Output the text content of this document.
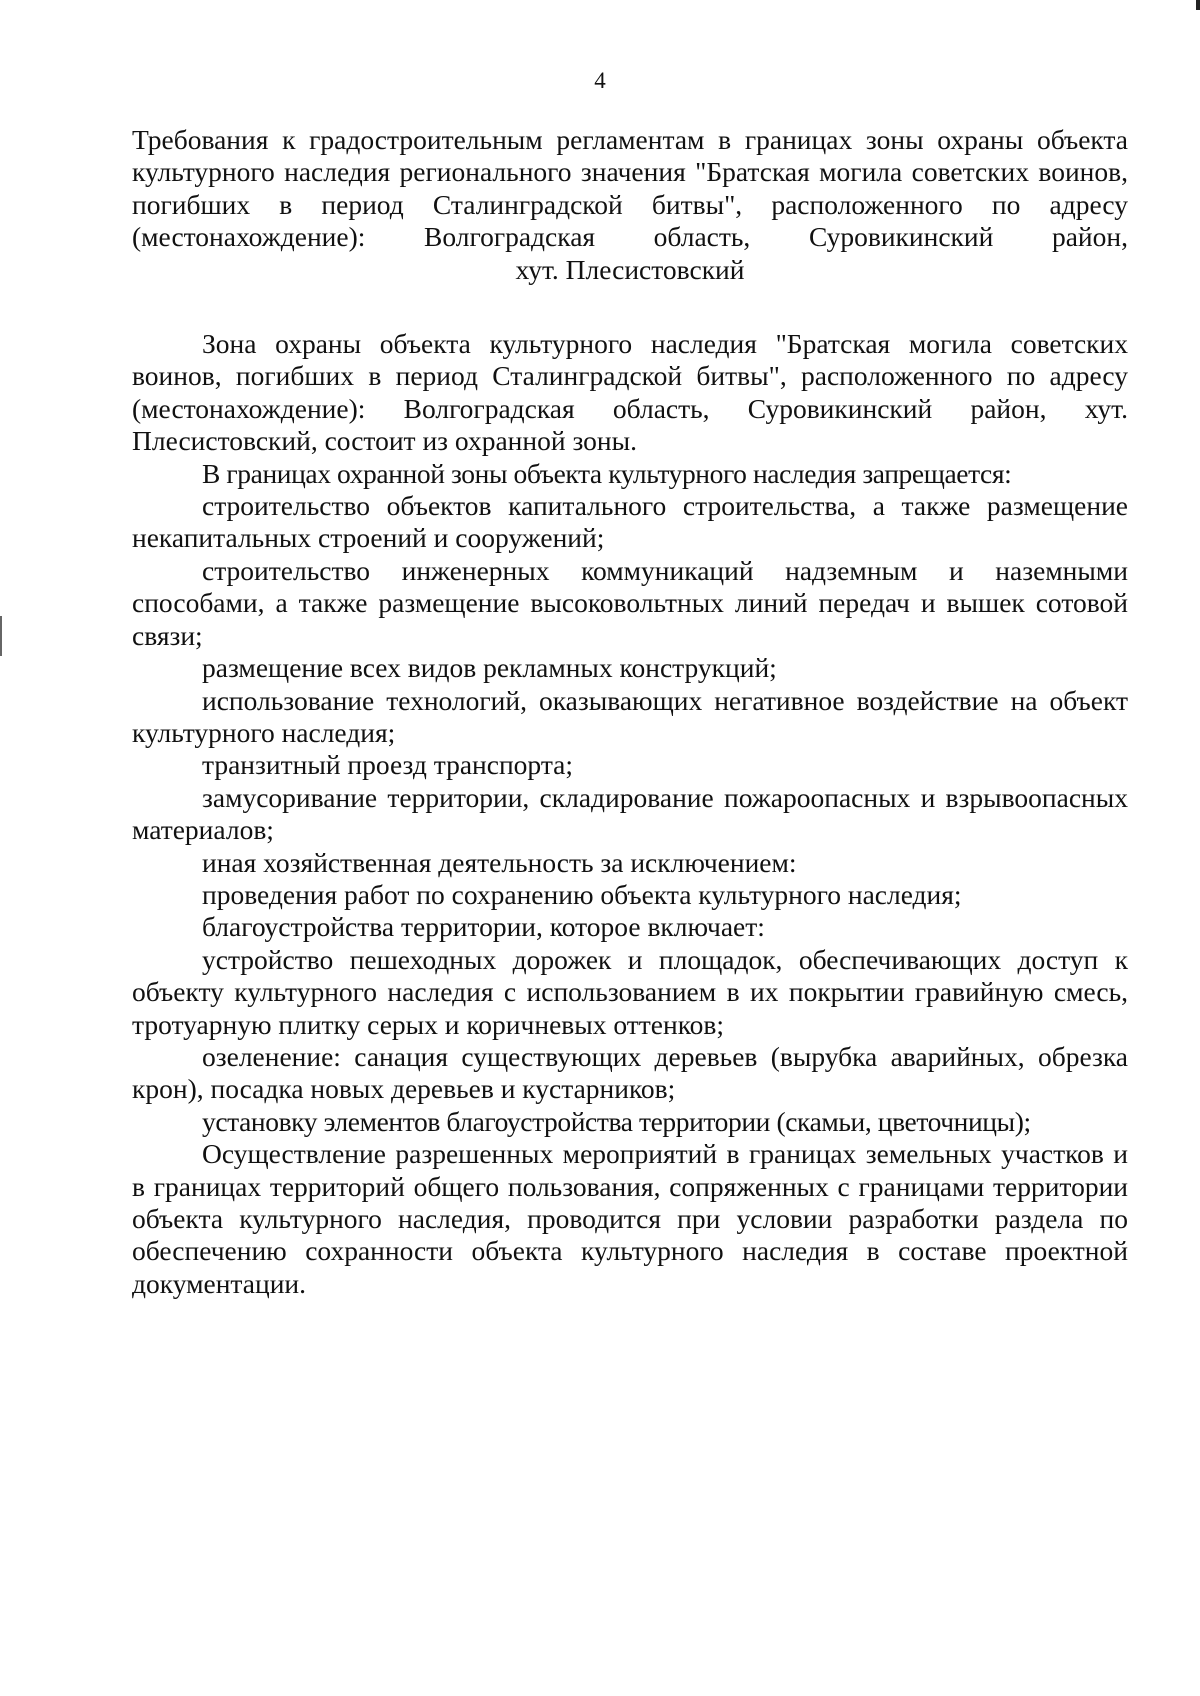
4

Требования к градостроительным регламентам в границах зоны охраны объекта

культурного наследия регионального значения "Братская могила советских воинов,

погибших в период Сталинградской битвы", расположенного по адресу

(местонахождение): Волгоградская область, Суровикинский район,

хут. Плесистовский

Зона охраны объекта культурного наследия "Братская могила советских воинов, погибших в период Сталинградской битвы", расположенного по адресу (местонахождение): Волгоградская область, Суровикинский район, хут. Плесистовский, состоит из охранной зоны.

В границах охранной зоны объекта культурного наследия запрещается:

строительство объектов капитального строительства, а также размещение некапитальных строений и сооружений;

строительство инженерных коммуникаций надземным и наземными способами, а также размещение высоковольтных линий передач и вышек сотовой связи;

размещение всех видов рекламных конструкций;

использование технологий, оказывающих негативное воздействие на объект культурного наследия;

транзитный проезд транспорта;

замусоривание территории, складирование пожароопасных и взрывоопасных материалов;

иная хозяйственная деятельность за исключением:

проведения работ по сохранению объекта культурного наследия;

благоустройства территории, которое включает:

устройство пешеходных дорожек и площадок, обеспечивающих доступ к объекту культурного наследия с использованием в их покрытии гравийную смесь, тротуарную плитку серых и коричневых оттенков;

озеленение: санация существующих деревьев (вырубка аварийных, обрезка крон), посадка новых деревьев и кустарников;

установку элементов благоустройства территории (скамьи, цветочницы);

Осуществление разрешенных мероприятий в границах земельных участков и в границах территорий общего пользования, сопряженных с границами территории объекта культурного наследия, проводится при условии разработки раздела по обеспечению сохранности объекта культурного наследия в составе проектной документации.
